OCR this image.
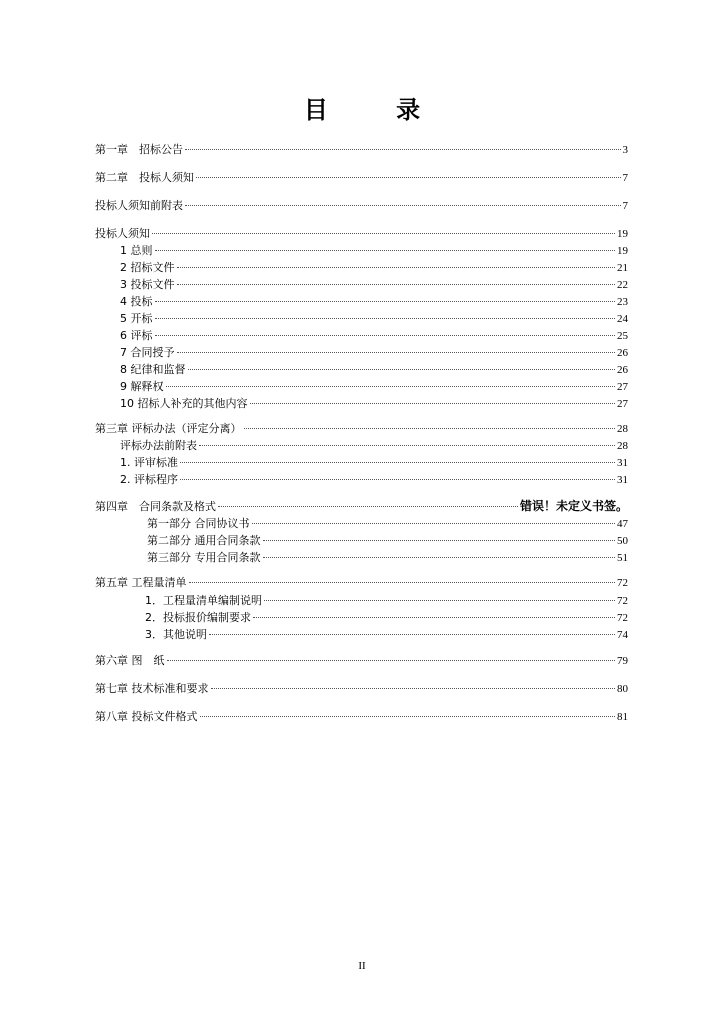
目 录
第一章　招标公告	3
第二章　投标人须知	7
投标人须知前附表	7
投标人须知	19
1 总则	19
2 招标文件	21
3 投标文件	22
4 投标	23
5 开标	24
6 评标	25
7 合同授予	26
8 纪律和监督	26
9 解释权	27
10 招标人补充的其他内容	27
第三章 评标办法（评定分离）	28
评标办法前附表	28
1. 评审标准	31
2. 评标程序	31
第四章　合同条款及格式	错误！未定义书签。
第一部分 合同协议书	47
第二部分 通用合同条款	50
第三部分 专用合同条款	51
第五章 工程量清单	72
1．工程量清单编制说明	72
2．投标报价编制要求	72
3．其他说明	74
第六章 图　纸	79
第七章 技术标准和要求	80
第八章 投标文件格式	81
II
